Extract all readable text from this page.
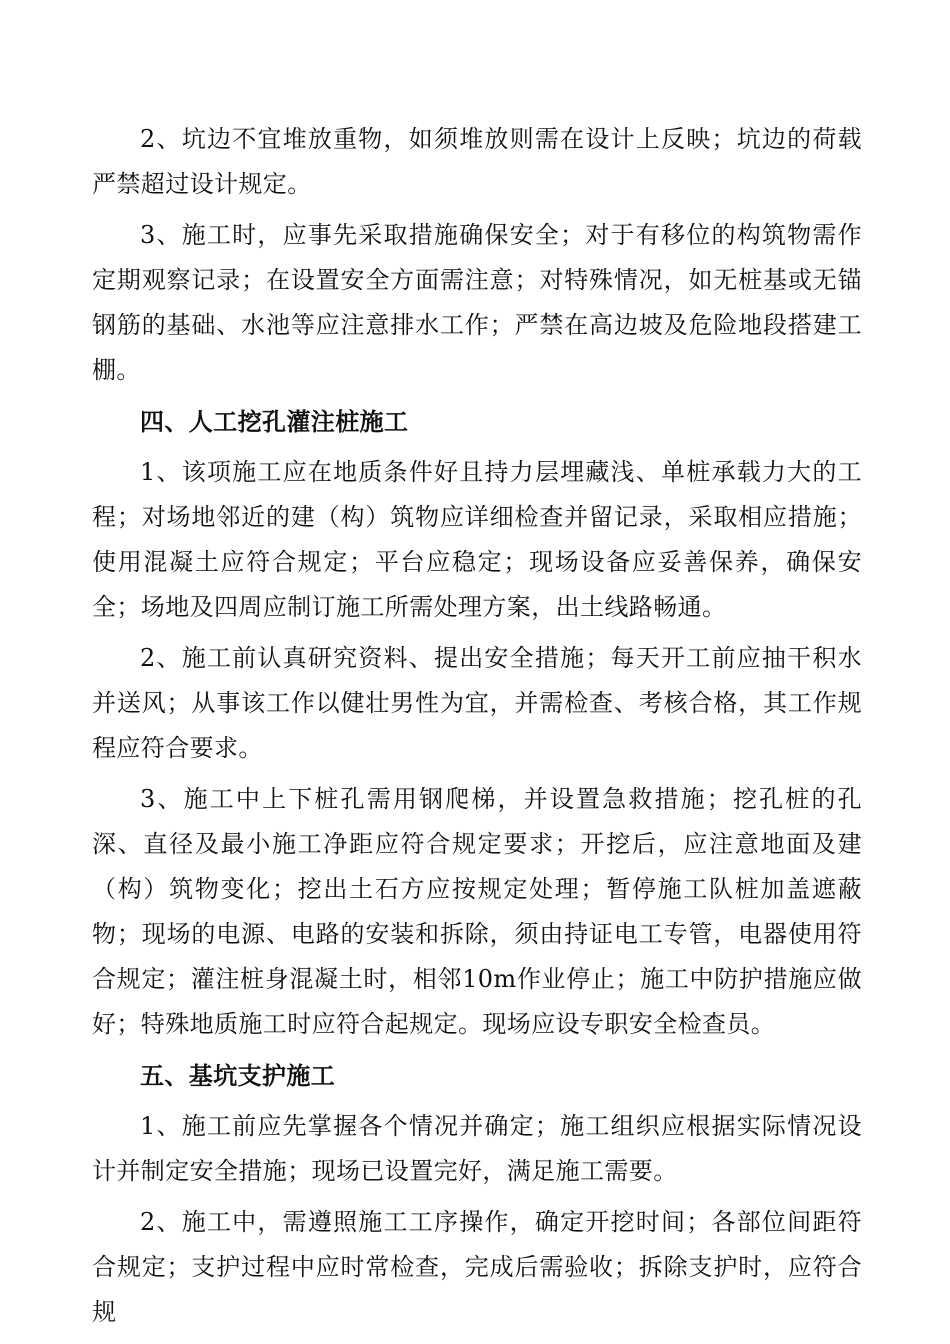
2、坑边不宜堆放重物，如须堆放则需在设计上反映；坑边的荷载严禁超过设计规定。

3、施工时，应事先采取措施确保安全；对于有移位的构筑物需作定期观察记录；在设置安全方面需注意；对特殊情况，如无桩基或无锚钢筋的基础、水池等应注意排水工作；严禁在高边坡及危险地段搭建工棚。

四、人工挖孔灌注桩施工

1、该项施工应在地质条件好且持力层埋藏浅、单桩承载力大的工程；对场地邻近的建（构）筑物应详细检查并留记录，采取相应措施；使用混凝土应符合规定；平台应稳定；现场设备应妥善保养，确保安全；场地及四周应制订施工所需处理方案，出土线路畅通。

2、施工前认真研究资料、提出安全措施；每天开工前应抽干积水并送风；从事该工作以健壮男性为宜，并需检查、考核合格，其工作规程应符合要求。

3、施工中上下桩孔需用钢爬梯，并设置急救措施；挖孔桩的孔深、直径及最小施工净距应符合规定要求；开挖后，应注意地面及建（构）筑物变化；挖出土石方应按规定处理；暂停施工队桩加盖遮蔽物；现场的电源、电路的安装和拆除，须由持证电工专管，电器使用符合规定；灌注桩身混凝土时，相邻10m作业停止；施工中防护措施应做好；特殊地质施工时应符合起规定。现场应设专职安全检查员。

五、基坑支护施工

1、施工前应先掌握各个情况并确定；施工组织应根据实际情况设计并制定安全措施；现场已设置完好，满足施工需要。

2、施工中，需遵照施工工序操作，确定开挖时间；各部位间距符合规定；支护过程中应时常检查，完成后需验收；拆除支护时，应符合规
